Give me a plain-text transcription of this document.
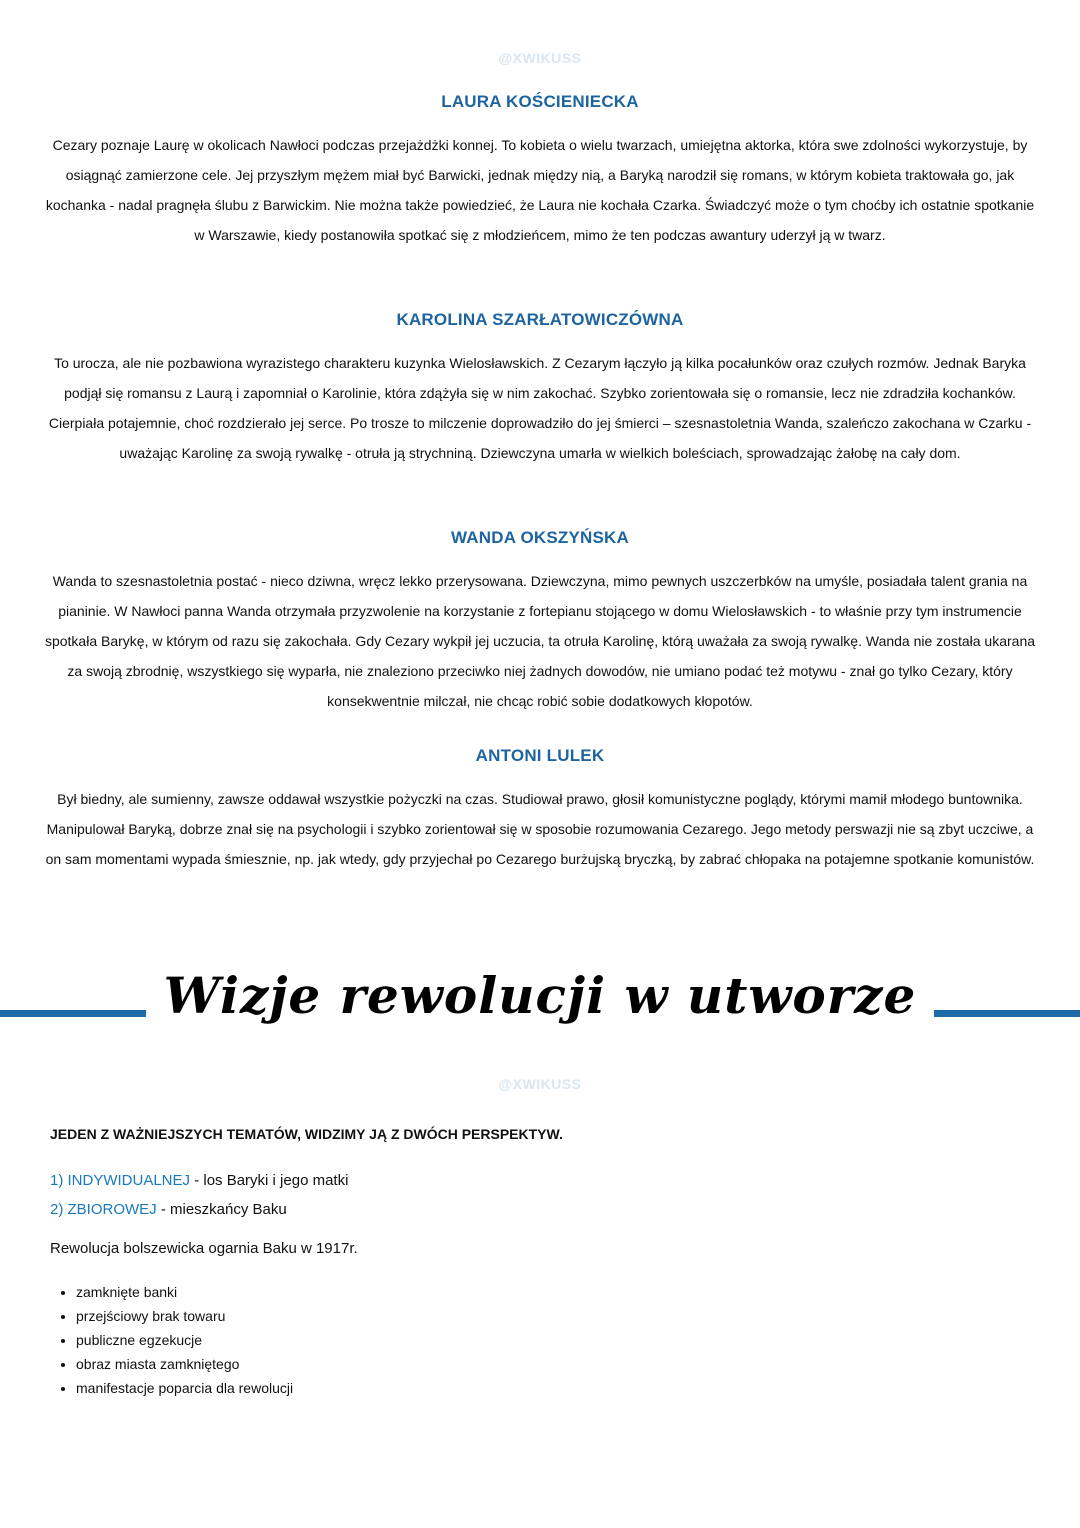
@XWIKUSS
LAURA KOŚCIENIECKA

Cezary poznaje Laurę w okolicach Nawłoci podczas przejażdżki konnej. To kobieta o wielu twarzach, umiejętna aktorka, która swe zdolności wykorzystuje, by osiągnąć zamierzone cele. Jej przyszłym mężem miał być Barwicki, jednak między nią, a Baryką narodził się romans, w którym kobieta traktowała go, jak kochanka - nadal pragnęła ślubu z Barwickim. Nie można także powiedzieć, że Laura nie kochała Czarka. Świadczyć może o tym choćby ich ostatnie spotkanie w Warszawie, kiedy postanowiła spotkać się z młodzieńcem, mimo że ten podczas awantury uderzył ją w twarz.

KAROLINA SZARŁATOWICZÓWNA

To urocza, ale nie pozbawiona wyrazistego charakteru kuzynka Wielosławskich. Z Cezarym łączyło ją kilka pocałunków oraz czułych rozmów. Jednak Baryka podjął się romansu z Laurą i zapomniał o Karolinie, która zdążyła się w nim zakochać. Szybko zorientowała się o romansie, lecz nie zdradziła kochanków. Cierpiała potajemnie, choć rozdzierało jej serce. Po trosze to milczenie doprowadziło do jej śmierci – szesnastoletnia Wanda, szaleńczo zakochana w Czarku - uważając Karolinę za swoją rywalkę - otruła ją strychniną. Dziewczyna umarła w wielkich boleściach, sprowadzając żałobę na cały dom.

WANDA OKSZYŃSKA

Wanda to szesnastoletnia postać - nieco dziwna, wręcz lekko przerysowana. Dziewczyna, mimo pewnych uszczerbków na umyśle, posiadała talent grania na pianinie. W Nawłoci panna Wanda otrzymała przyzwolenie na korzystanie z fortepianu stojącego w domu Wielosławskich - to właśnie przy tym instrumencie spotkała Barykę, w którym od razu się zakochała. Gdy Cezary wykpił jej uczucia, ta otruła Karolinę, którą uważała za swoją rywalkę. Wanda nie została ukarana za swoją zbrodnię, wszystkiego się wyparła, nie znaleziono przeciwko niej żadnych dowodów, nie umiano podać też motywu - znał go tylko Cezary, który konsekwentnie milczał, nie chcąc robić sobie dodatkowych kłopotów.

ANTONI LULEK

Był biedny, ale sumienny, zawsze oddawał wszystkie pożyczki na czas. Studiował prawo, głosił komunistyczne poglądy, którymi mamił młodego buntownika. Manipulował Baryką, dobrze znał się na psychologii i szybko zorientował się w sposobie rozumowania Cezarego. Jego metody perswazji nie są zbyt uczciwe, a on sam momentami wypada śmiesznie, np. jak wtedy, gdy przyjechał po Cezarego burżujską bryczką, by zabrać chłopaka na potajemne spotkanie komunistów.

Wizje rewolucji w utworze
@XWIKUSS
JEDEN Z WAŻNIEJSZYCH TEMATÓW, WIDZIMY JĄ Z DWÓCH PERSPEKTYW.
1) INDYWIDUALNEJ - los Baryki i jego matki
2) ZBIOROWEJ - mieszkańcy Baku
Rewolucja bolszewicka ogarnia Baku w 1917r.
• zamknięte banki
• przejściowy brak towaru
• publiczne egzekucje
• obraz miasta zamkniętego
• manifestacje poparcia dla rewolucji
